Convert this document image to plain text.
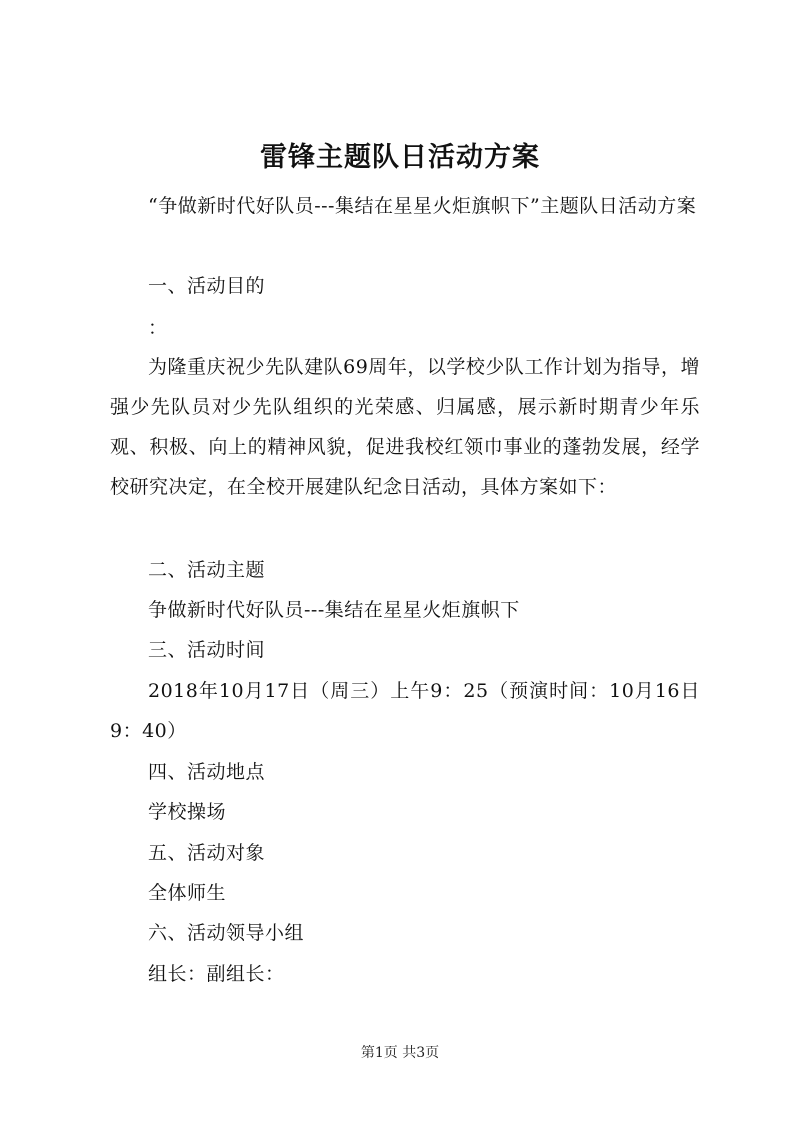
雷锋主题队日活动方案
“争做新时代好队员---集结在星星火炬旗帜下”主题队日活动方案
一、活动目的
：
为隆重庆祝少先队建队69周年，以学校少队工作计划为指导，增强少先队员对少先队组织的光荣感、归属感，展示新时期青少年乐观、积极、向上的精神风貌，促进我校红领巾事业的蓬勃发展，经学校研究决定，在全校开展建队纪念日活动，具体方案如下：
二、活动主题
争做新时代好队员---集结在星星火炬旗帜下
三、活动时间
2018年10月17日（周三）上午9：25（预演时间：10月16日9：40）
四、活动地点
学校操场
五、活动对象
全体师生
六、活动领导小组
组长：副组长：
第1页 共3页
